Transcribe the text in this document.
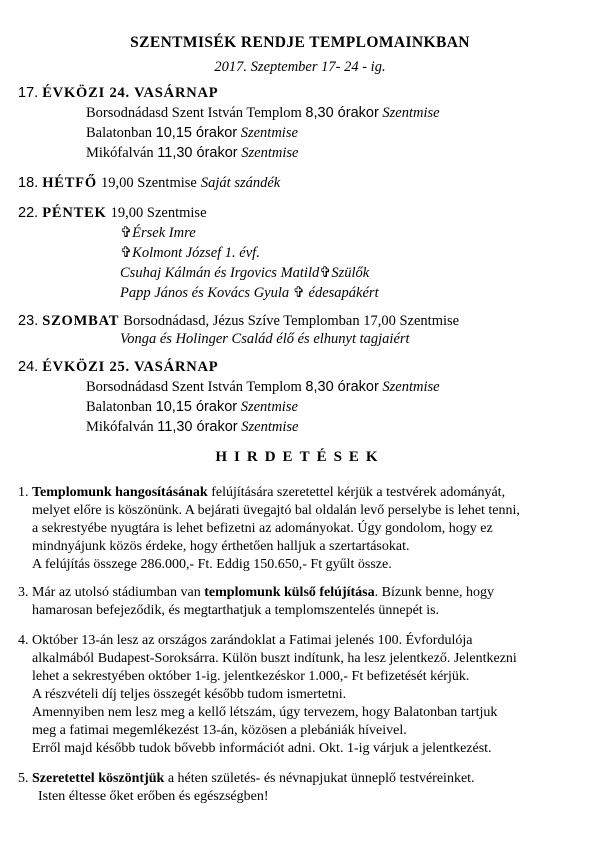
SZENTMISÉK RENDJE TEMPLOMAINKBAN
2017. Szeptember 17- 24 - ig.
17. ÉVKÖZI 24. VASÁRNAP
Borsodnádasd Szent István Templom 8,30 órakor Szentmise
Balatonban 10,15 órakor Szentmise
Mikófalván 11,30 órakor Szentmise
18. HÉTFŐ 19,00 Szentmise Saját szándék
22. PÉNTEK 19,00 Szentmise
✞Érsek Imre
✞Kolmont József 1. évf.
Csuhaj Kálmán és Irgovics Matild✞Szülők
Papp János és Kovács Gyula ✞ édesapákért
23. SZOMBAT Borsodnádasd, Jézus Szíve Templomban 17,00 Szentmise
Vonga és Holinger Család élő és elhunyt tagjaiért
24. ÉVKÖZI 25. VASÁRNAP
Borsodnádasd Szent István Templom 8,30 órakor Szentmise
Balatonban 10,15 órakor Szentmise
Mikófalván 11,30 órakor Szentmise
HIRDETÉSEK
1. Templomunk hangosításának felújítására szeretettel kérjük a testvérek adományát,
melyet előre is köszönünk. A bejárati üvegajtó bal oldalán levő perselybe is lehet tenni,
a sekrestyébe nyugtára is lehet befizetni az adományokat. Úgy gondolom, hogy ez
mindnyájunk közös érdeke, hogy érthetően halljuk a szertartásokat.
A felújítás összege 286.000,- Ft. Eddig 150.650,- Ft gyűlt össze.
3. Már az utolsó stádiumban van templomunk külső felújítása. Bízunk benne, hogy
hamarosan befejeződik, és megtarthatjuk a templomszentelés ünnepét is.
4. Október 13-án lesz az országos zarándoklat a Fatimai jelenés 100. Évfordulója
alkalmából Budapest-Soroksárra. Külön buszt indítunk, ha lesz jelentkező. Jelentkezni
lehet a sekrestyében október 1-ig. jelentkezéskor 1.000,- Ft befizetését kérjük.
A részvételi díj teljes összegét később tudom ismertetni.
Amennyiben nem lesz meg a kellő létszám, úgy tervezem, hogy Balatonban tartjuk
meg a fatimai megemlékezést 13-án, közösen a plebániák híveivel.
Erről majd később tudok bővebb információt adni. Okt. 1-ig várjuk a jelentkezést.
5. Szeretettel köszöntjük a héten születés- és névnapjukat ünneplő testvéreinket.
Isten éltesse őket erőben és egészségben!
